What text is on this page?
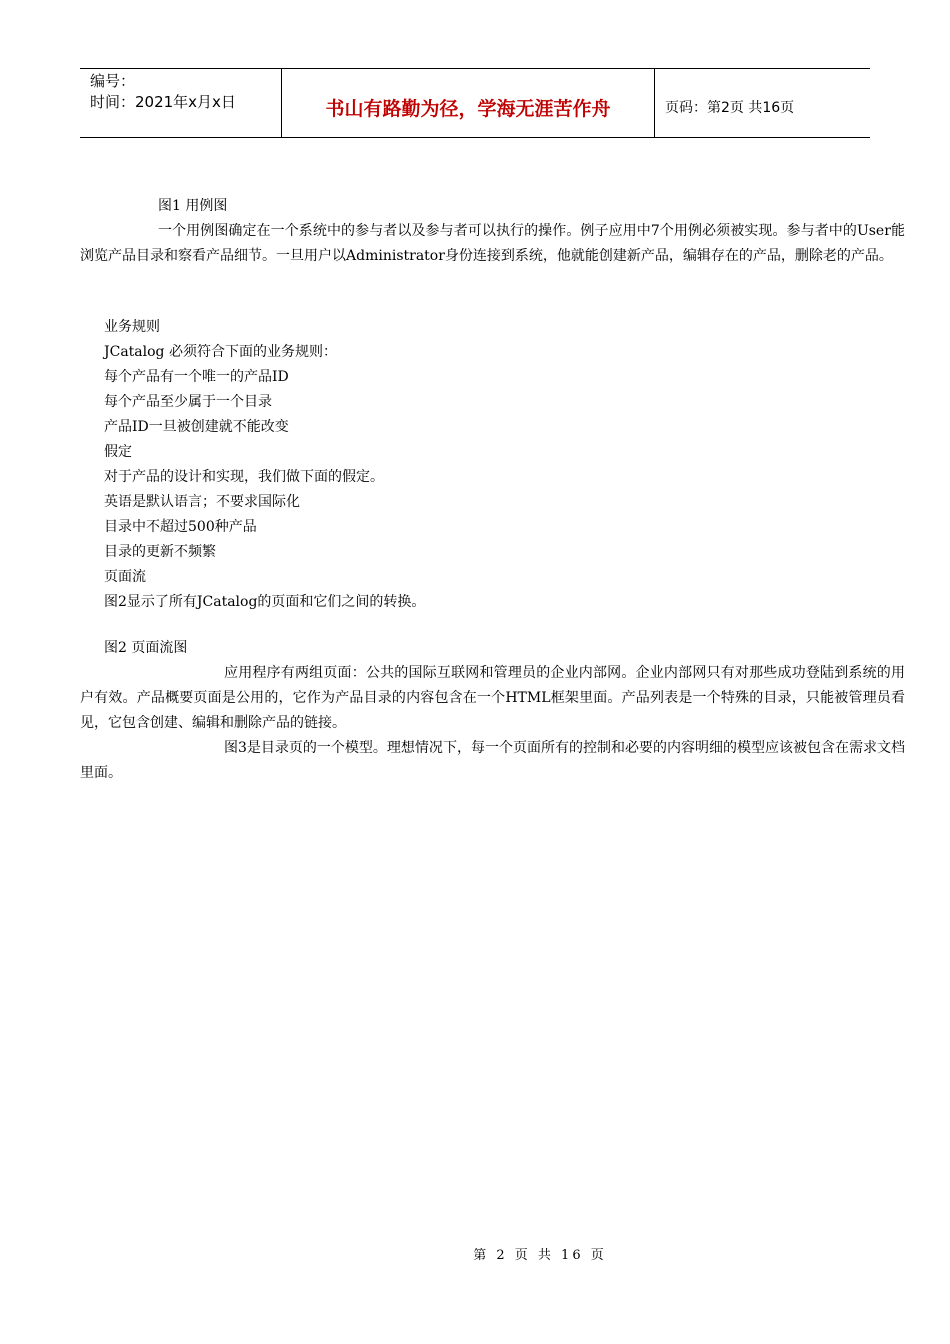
编号：
时间：2021年x月x日	书山有路勤为径，学海无涯苦作舟	页码：第2页 共16页
图1 用例图
一个用例图确定在一个系统中的参与者以及参与者可以执行的操作。例子应用中7个用例必须被实现。参与者中的User能浏览产品目录和察看产品细节。一旦用户以Administrator身份连接到系统，他就能创建新产品，编辑存在的产品，删除老的产品。
业务规则
JCatalog 必须符合下面的业务规则：
每个产品有一个唯一的产品ID
每个产品至少属于一个目录
产品ID一旦被创建就不能改变
假定
对于产品的设计和实现，我们做下面的假定。
英语是默认语言；不要求国际化
目录中不超过500种产品
目录的更新不频繁
页面流
图2显示了所有JCatalog的页面和它们之间的转换。
图2 页面流图
应用程序有两组页面：公共的国际互联网和管理员的企业内部网。企业内部网只有对那些成功登陆到系统的用户有效。产品概要页面是公用的，它作为产品目录的内容包含在一个HTML框架里面。产品列表是一个特殊的目录，只能被管理员看见，它包含创建、编辑和删除产品的链接。
图3是目录页的一个模型。理想情况下，每一个页面所有的控制和必要的内容明细的模型应该被包含在需求文档里面。
第 2 页 共 16 页
